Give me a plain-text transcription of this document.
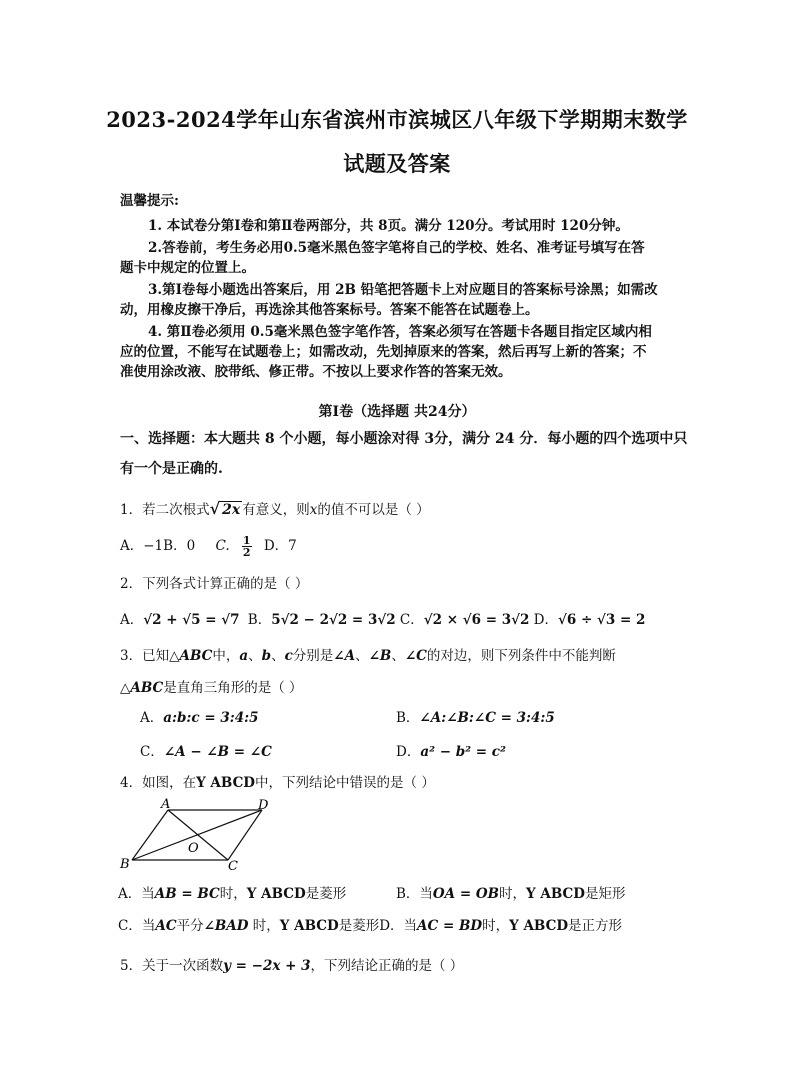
2023-2024学年山东省滨州市滨城区八年级下学期期末数学
试题及答案
温馨提示:
1. 本试卷分第Ⅰ卷和第Ⅱ卷两部分，共 8页。满分 120分。考试用时 120分钟。
2.答卷前，考生务必用0.5毫米黑色签字笔将自己的学校、姓名、准考证号填写在答
题卡中规定的位置上。
3.第Ⅰ卷每小题选出答案后，用 2B 铅笔把答题卡上对应题目的答案标号涂黑；如需改
动，用橡皮擦干净后，再选涂其他答案标号。答案不能答在试题卷上。
4. 第Ⅱ卷必须用 0.5毫米黑色签字笔作答，答案必须写在答题卡各题目指定区域内相
应的位置，不能写在试题卷上；如需改动，先划掉原来的答案，然后再写上新的答案；不
准使用涂改液、胶带纸、修正带。不按以上要求作答的答案无效。
第Ⅰ卷（选择题 共24分）
一、选择题：本大题共 8 个小题，每小题涂对得 3分，满分 24 分．每小题的四个选项中只
有一个是正确的.
1．若二次根式√ 2x 有意义，则x的值不可以是（ ）
A．−1B．0 C. $\frac{1}{2}$ D．7
2．下列各式计算正确的是（ ）
A．√2 + √5 = √7 B．5√2 − 2√2 = 3√2 C．√2 × √6 = 3√2 D．√6 ÷ √3 = 2
3．已知△ABC中，a、b、c分别是∠A、∠B、∠C的对边，则下列条件中不能判断
△ABC是直角三角形的是（ ）
A．a:b:c = 3:4:5	B．∠A:∠B:∠C = 3:4:5
C．∠A − ∠B = ∠C	D．a² − b² = c²
4．如图，在Y ABCD中，下列结论中错误的是（ ）
A	D
B	C
O
A．当AB = BC时，Y ABCD是菱形	B．当OA = OB时，Y ABCD是矩形
C．当AC平分∠BAD 时，Y ABCD是菱形D．当AC = BD时，Y ABCD是正方形
5．关于一次函数y = −2x + 3，下列结论正确的是（ ）
